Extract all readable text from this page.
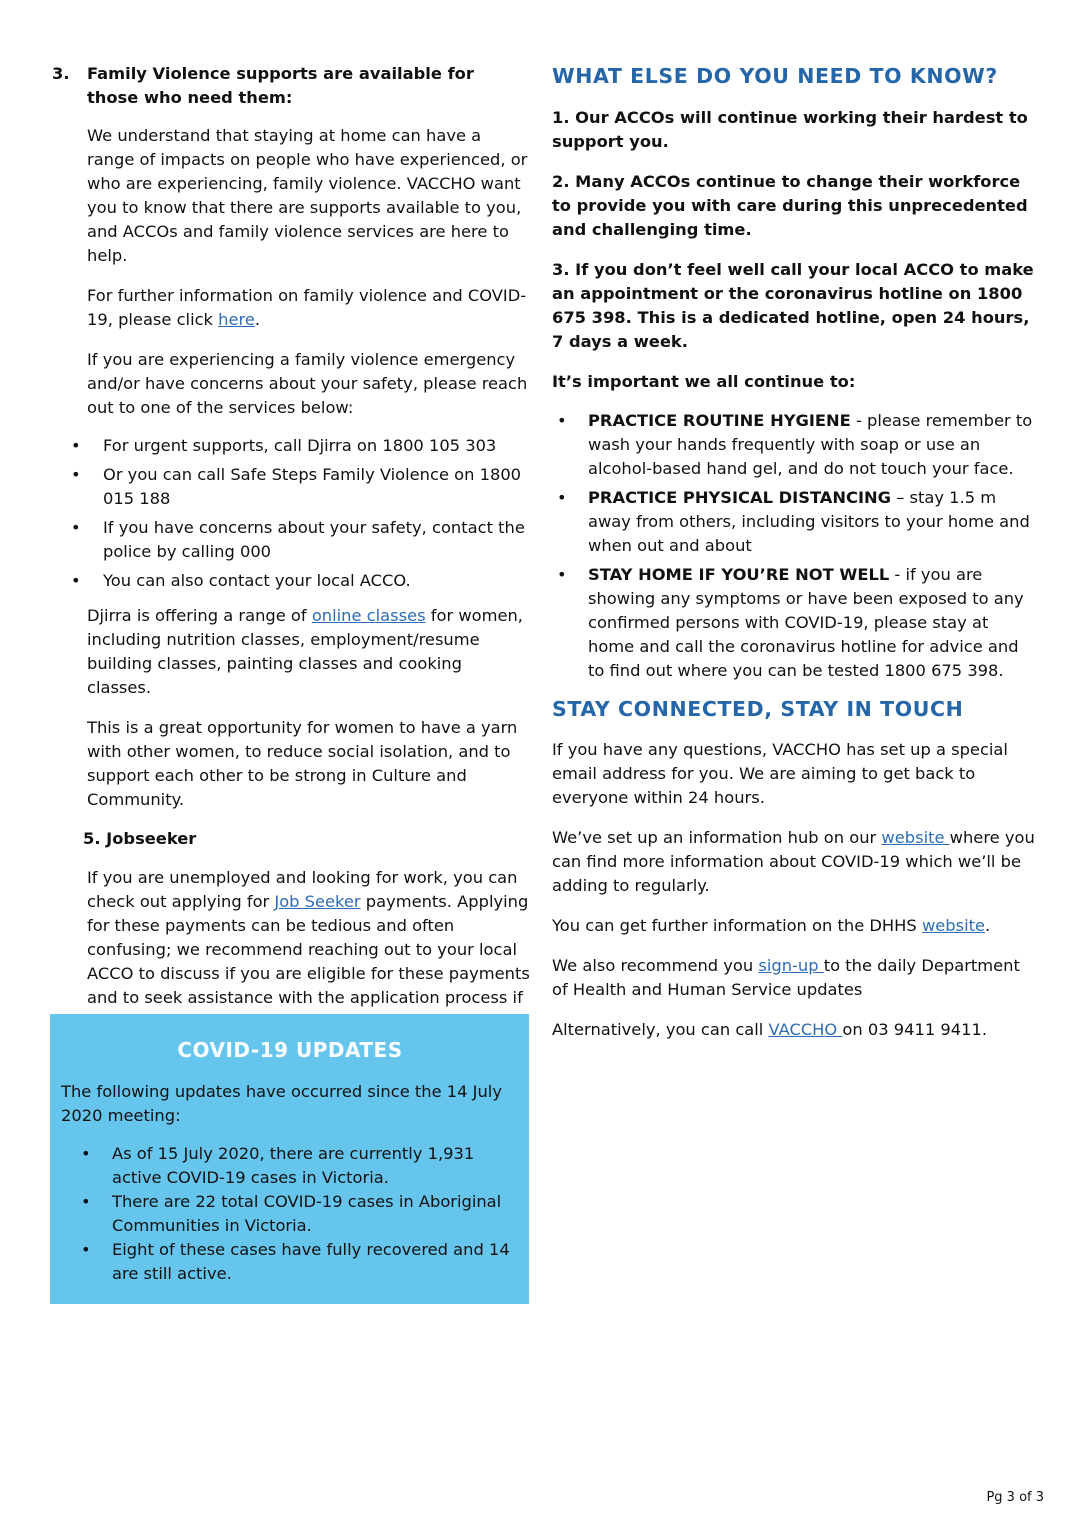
3. Family Violence supports are available for those who need them:

We understand that staying at home can have a range of impacts on people who have experienced, or who are experiencing, family violence. VACCHO want you to know that there are supports available to you, and ACCOs and family violence services are here to help.

For further information on family violence and COVID-19, please click here.

If you are experiencing a family violence emergency and/or have concerns about your safety, please reach out to one of the services below:

• For urgent supports, call Djirra on 1800 105 303
• Or you can call Safe Steps Family Violence on 1800 015 188
• If you have concerns about your safety, contact the police by calling 000
• You can also contact your local ACCO.

Djirra is offering a range of online classes for women, including nutrition classes, employment/resume building classes, painting classes and cooking classes.

This is a great opportunity for women to have a yarn with other women, to reduce social isolation, and to support each other to be strong in Culture and Community.

5. Jobseeker

If you are unemployed and looking for work, you can check out applying for Job Seeker payments. Applying for these payments can be tedious and often confusing; we recommend reaching out to your local ACCO to discuss if you are eligible for these payments and to seek assistance with the application process if

COVID-19 UPDATES

The following updates have occurred since the 14 July 2020 meeting:

• As of 15 July 2020, there are currently 1,931 active COVID-19 cases in Victoria.
• There are 22 total COVID-19 cases in Aboriginal Communities in Victoria.
• Eight of these cases have fully recovered and 14 are still active.
WHAT ELSE DO YOU NEED TO KNOW?

1. Our ACCOs will continue working their hardest to support you.

2. Many ACCOs continue to change their workforce to provide you with care during this unprecedented and challenging time.

3. If you don’t feel well call your local ACCO to make an appointment or the coronavirus hotline on 1800 675 398. This is a dedicated hotline, open 24 hours, 7 days a week.

It’s important we all continue to:

• PRACTICE ROUTINE HYGIENE - please remember to wash your hands frequently with soap or use an alcohol-based hand gel, and do not touch your face.
• PRACTICE PHYSICAL DISTANCING – stay 1.5 m away from others, including visitors to your home and when out and about
• STAY HOME IF YOU’RE NOT WELL - if you are showing any symptoms or have been exposed to any confirmed persons with COVID-19, please stay at home and call the coronavirus hotline for advice and to find out where you can be tested 1800 675 398.
STAY CONNECTED, STAY IN TOUCH

If you have any questions, VACCHO has set up a special email address for you. We are aiming to get back to everyone within 24 hours.

We’ve set up an information hub on our website where you can find more information about COVID-19 which we’ll be adding to regularly.

You can get further information on the DHHS website.

We also recommend you sign-up to the daily Department of Health and Human Service updates

Alternatively, you can call VACCHO on 03 9411 9411.

Pg 3 of 3
